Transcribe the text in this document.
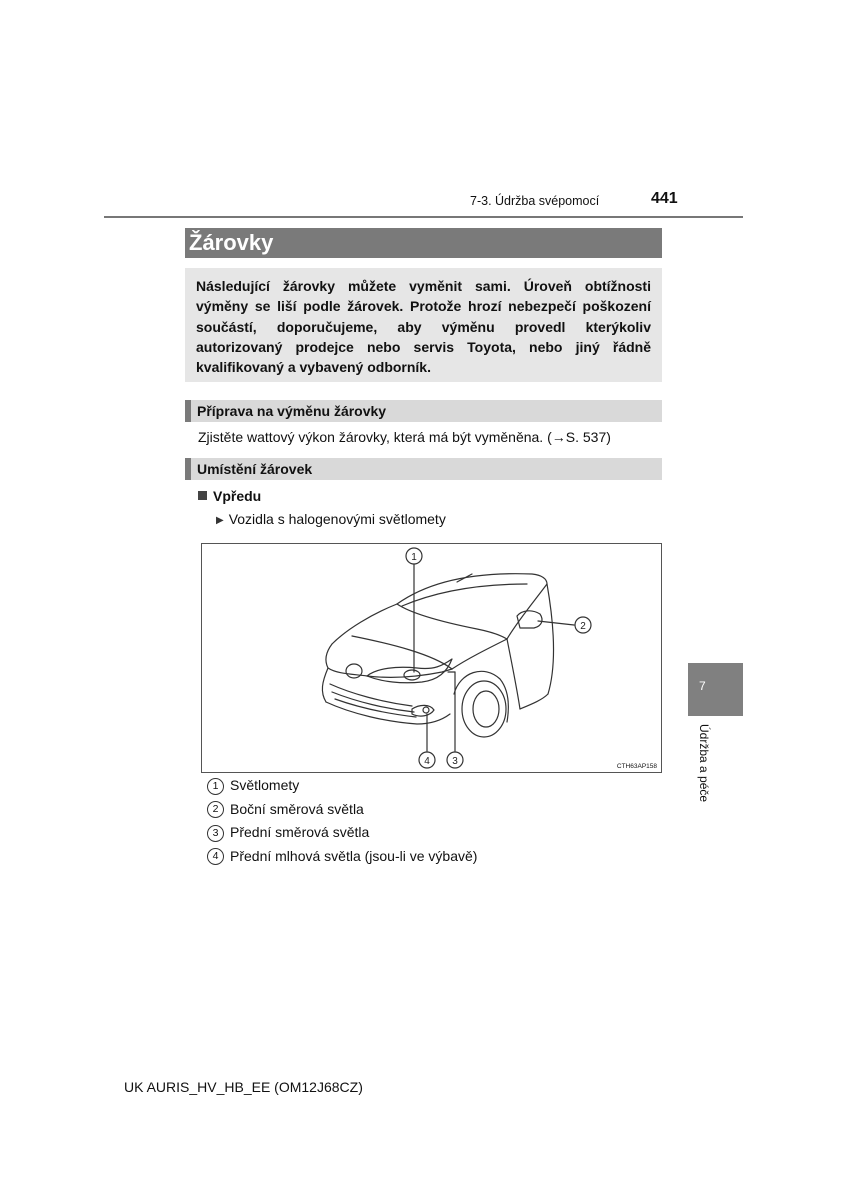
7-3. Údržba svépomocí	441
Žárovky

Následující žárovky můžete vyměnit sami. Úroveň obtížnosti výměny se liší podle žárovek. Protože hrozí nebezpečí poškození součástí, doporučujeme, aby výměnu provedl kterýkoliv autorizovaný prodejce nebo servis Toyota, nebo jiný řádně kvalifikovaný a vybavený odborník.

Příprava na výměnu žárovky
Zjistěte wattový výkon žárovky, která má být vyměněna. (→S. 537)
Umístění žárovek
Vpředu
▶ Vozidla s halogenovými světlomety
1
2
3
4	CTH63AP158
1 Světlomety
2 Boční směrová světla
3 Přední směrová světla
4 Přední mlhová světla (jsou-li ve výbavě)
7
Údržba a péče
UK AURIS_HV_HB_EE (OM12J68CZ)
